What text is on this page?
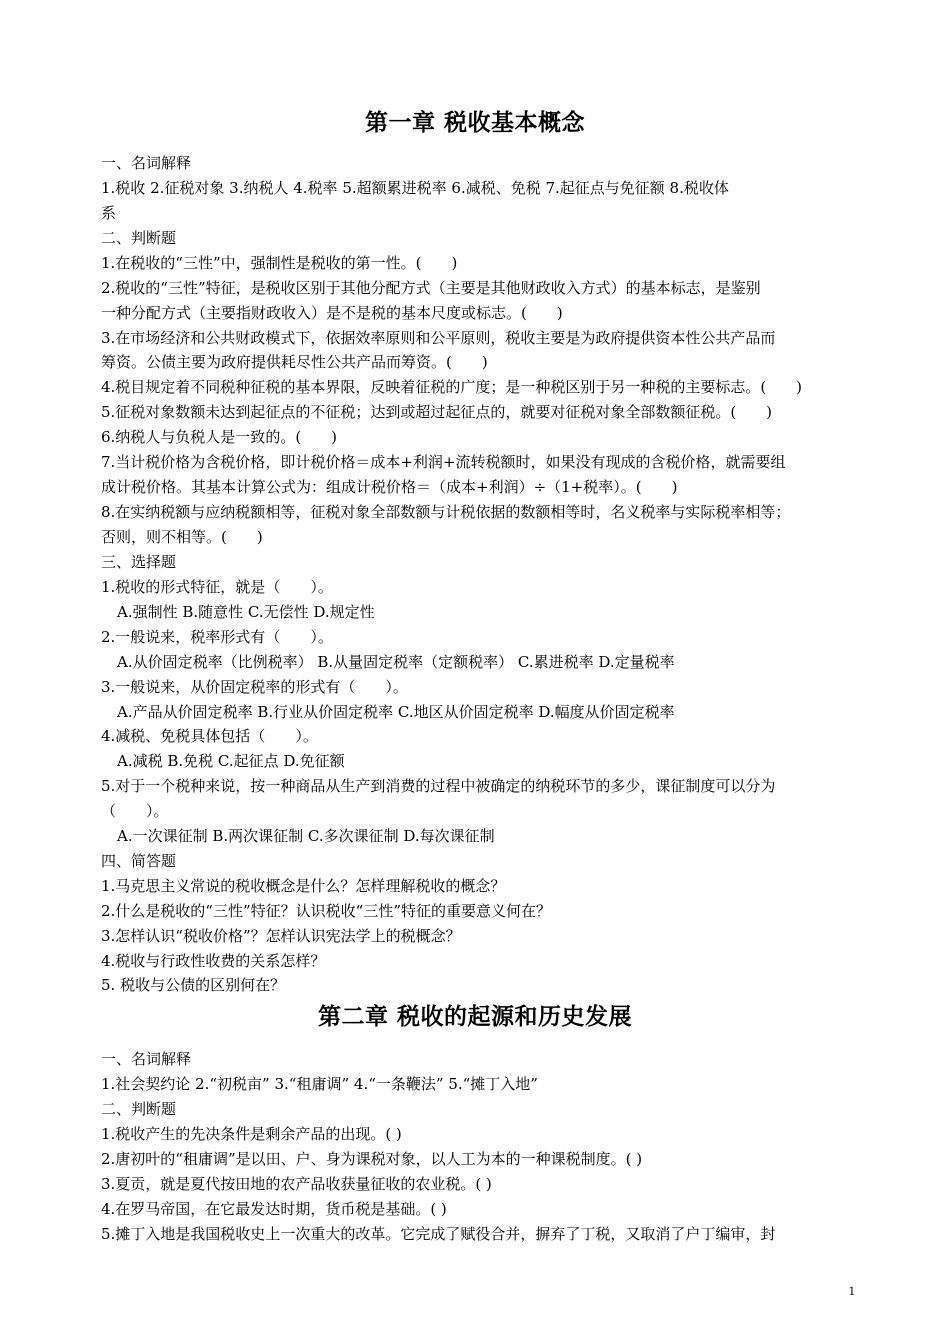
第一章 税收基本概念
一、名词解释
1.税收 2.征税对象 3.纳税人 4.税率 5.超额累进税率 6.减税、免税 7.起征点与免征额 8.税收体
系
二、判断题
1.在税收的“三性”中，强制性是税收的第一性。(　　)
2.税收的“三性”特征，是税收区别于其他分配方式（主要是其他财政收入方式）的基本标志，是鉴别
一种分配方式（主要指财政收入）是不是税的基本尺度或标志。(　　)
3.在市场经济和公共财政模式下，依据效率原则和公平原则，税收主要是为政府提供资本性公共产品而
筹资。公债主要为政府提供耗尽性公共产品而筹资。(　　)
4.税目规定着不同税种征税的基本界限，反映着征税的广度；是一种税区别于另一种税的主要标志。(　　)
5.征税对象数额未达到起征点的不征税；达到或超过起征点的，就要对征税对象全部数额征税。(　　)
6.纳税人与负税人是一致的。(　　)
7.当计税价格为含税价格，即计税价格＝成本+利润+流转税额时，如果没有现成的含税价格，就需要组
成计税价格。其基本计算公式为：组成计税价格＝（成本+利润）÷（1+税率）。(　　)
8.在实纳税额与应纳税额相等，征税对象全部数额与计税依据的数额相等时，名义税率与实际税率相等；
否则，则不相等。(　　)
三、选择题
1.税收的形式特征，就是（　　）。
A.强制性 B.随意性 C.无偿性 D.规定性
2.一般说来，税率形式有（　　）。
A.从价固定税率（比例税率） B.从量固定税率（定额税率） C.累进税率 D.定量税率
3.一般说来，从价固定税率的形式有（　　）。
A.产品从价固定税率 B.行业从价固定税率 C.地区从价固定税率 D.幅度从价固定税率
4.减税、免税具体包括（　　）。
A.减税 B.免税 C.起征点 D.免征额
5.对于一个税种来说，按一种商品从生产到消费的过程中被确定的纳税环节的多少，课征制度可以分为
（　　）。
A.一次课征制 B.两次课征制 C.多次课征制 D.每次课征制
四、简答题
1.马克思主义常说的税收概念是什么？怎样理解税收的概念？
2.什么是税收的“三性”特征？认识税收“三性”特征的重要意义何在？
3.怎样认识“税收价格”？怎样认识宪法学上的税概念？
4.税收与行政性收费的关系怎样？
5. 税收与公债的区别何在？
第二章 税收的起源和历史发展
一、名词解释
1.社会契约论 2.“初税亩” 3.“租庸调” 4.“一条鞭法” 5.“摊丁入地”
二、判断题
1.税收产生的先决条件是剩余产品的出现。( )
2.唐初叶的“租庸调”是以田、户、身为课税对象，以人工为本的一种课税制度。( )
3.夏贡，就是夏代按田地的农产品收获量征收的农业税。( )
4.在罗马帝国，在它最发达时期，货币税是基础。( )
5.摊丁入地是我国税收史上一次重大的改革。它完成了赋役合并，摒弃了丁税，又取消了户丁编审，封
1
